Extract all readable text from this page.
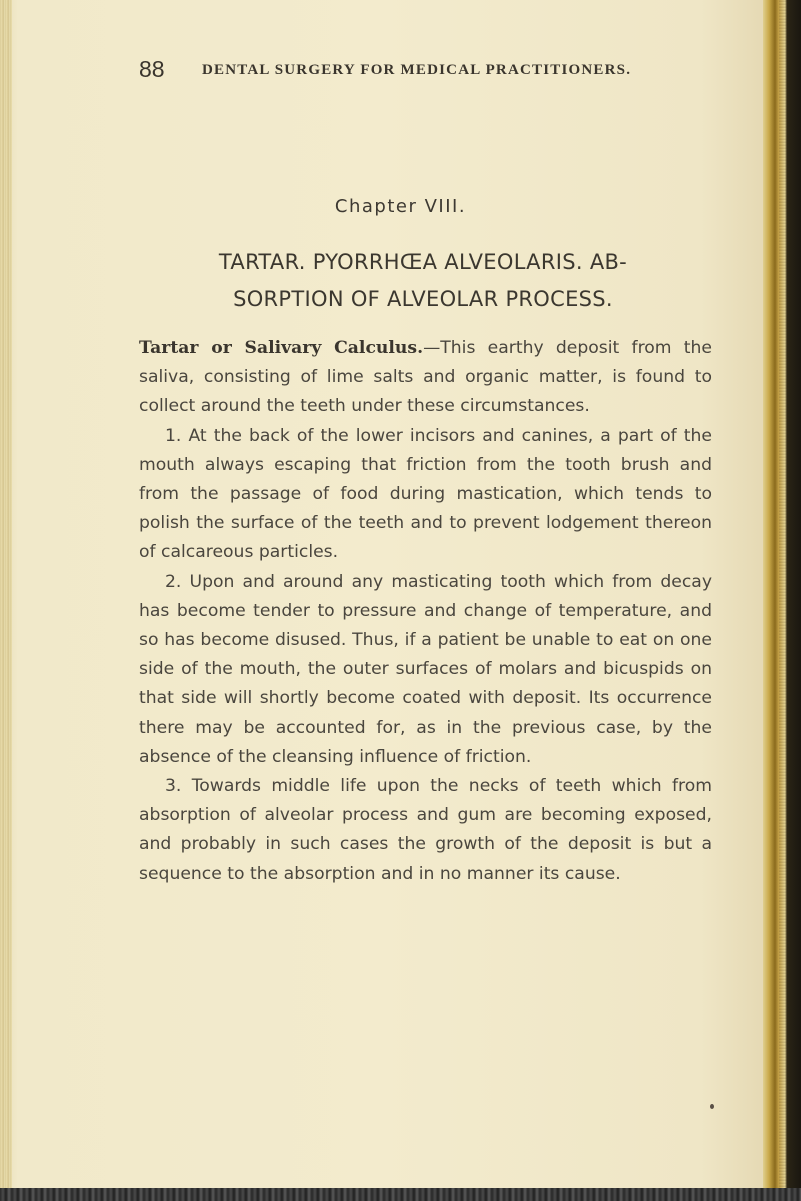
88 DENTAL SURGERY FOR MEDICAL PRACTITIONERS.
Chapter VIII.
TARTAR. PYORRHŒA ALVEOLARIS. AB-
SORPTION OF ALVEOLAR PROCESS.

Tartar or Salivary Calculus.—This earthy deposit from the saliva, consisting of lime salts and organic matter, is found to collect around the teeth under these circumstances.

1. At the back of the lower incisors and canines, a part of the mouth always escaping that friction from the tooth brush and from the passage of food during mastication, which tends to polish the surface of the teeth and to prevent lodgement thereon of calcareous particles.

2. Upon and around any masticating tooth which from decay has become tender to pressure and change of temperature, and so has become disused. Thus, if a patient be unable to eat on one side of the mouth, the outer surfaces of molars and bicuspids on that side will shortly become coated with deposit. Its occurrence there may be accounted for, as in the previous case, by the absence of the cleansing influence of friction.

3. Towards middle life upon the necks of teeth which from absorption of alveolar process and gum are becoming exposed, and probably in such cases the growth of the deposit is but a sequence to the absorption and in no manner its cause.
